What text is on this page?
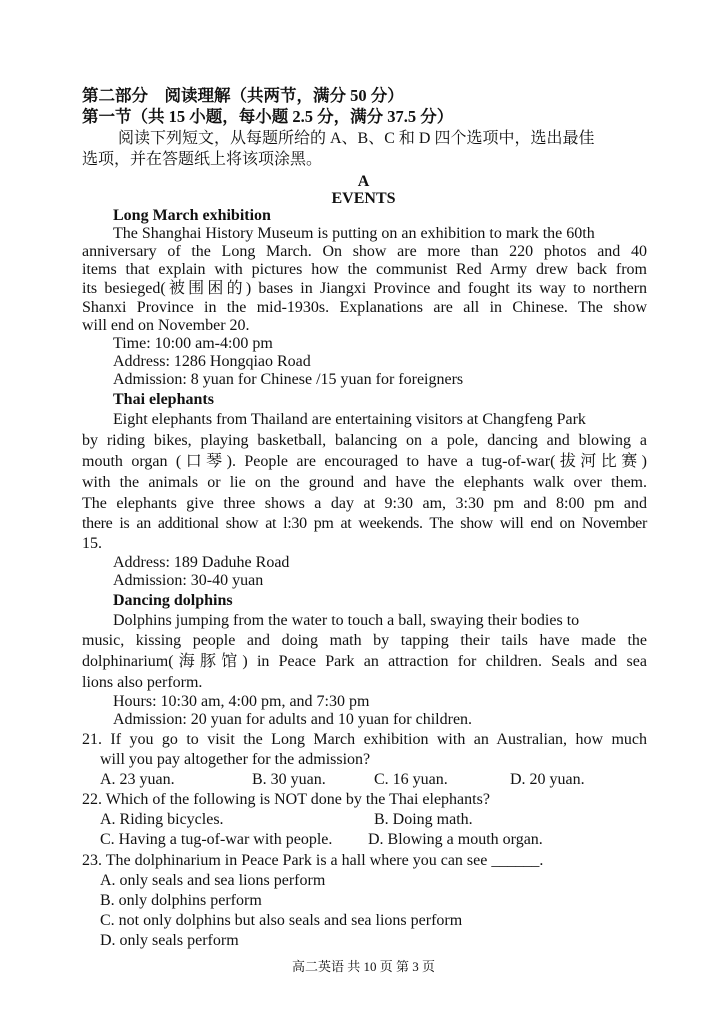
第二部分　阅读理解（共两节，满分 50 分）
第一节（共 15 小题，每小题 2.5 分，满分 37.5 分）
阅读下列短文，从每题所给的 A、B、C 和 D 四个选项中，选出最佳
选项，并在答题纸上将该项涂黑。
A
EVENTS
Long March exhibition
The Shanghai History Museum is putting on an exhibition to mark the 60th
anniversary of the Long March. On show are more than 220 photos and 40
items that explain with pictures how the communist Red Army drew back from
its besieged(被围困的) bases in Jiangxi Province and fought its way to northern
Shanxi Province in the mid-1930s. Explanations are all in Chinese. The show
will end on November 20.
Time: 10:00 am-4:00 pm
Address: 1286 Hongqiao Road
Admission: 8 yuan for Chinese /15 yuan for foreigners
Thai elephants
Eight elephants from Thailand are entertaining visitors at Changfeng Park
by riding bikes, playing basketball, balancing on a pole, dancing and blowing a
mouth organ (口琴). People are encouraged to have a tug-of-war(拔河比赛)
with the animals or lie on the ground and have the elephants walk over them.
The elephants give three shows a day at 9:30 am, 3:30 pm and 8:00 pm and
there is an additional show at l:30 pm at weekends. The show will end on November
15.
Address: 189 Daduhe Road
Admission: 30-40 yuan
Dancing dolphins
Dolphins jumping from the water to touch a ball, swaying their bodies to
music, kissing people and doing math by tapping their tails have made the
dolphinarium(海豚馆) in Peace Park an attraction for children. Seals and sea
lions also perform.
Hours: 10:30 am, 4:00 pm, and 7:30 pm
Admission: 20 yuan for adults and 10 yuan for children.
21. If you go to visit the Long March exhibition with an Australian, how much
will you pay altogether for the admission?
A. 23 yuan.	B. 30 yuan.	C. 16 yuan.	D. 20 yuan.
22. Which of the following is NOT done by the Thai elephants?
A. Riding bicycles.	B. Doing math.
C. Having a tug-of-war with people. D. Blowing a mouth organ.
23. The dolphinarium in Peace Park is a hall where you can see ______.
A. only seals and sea lions perform
B. only dolphins perform
C. not only dolphins but also seals and sea lions perform
D. only seals perform
高二英语 共 10 页 第 3 页
